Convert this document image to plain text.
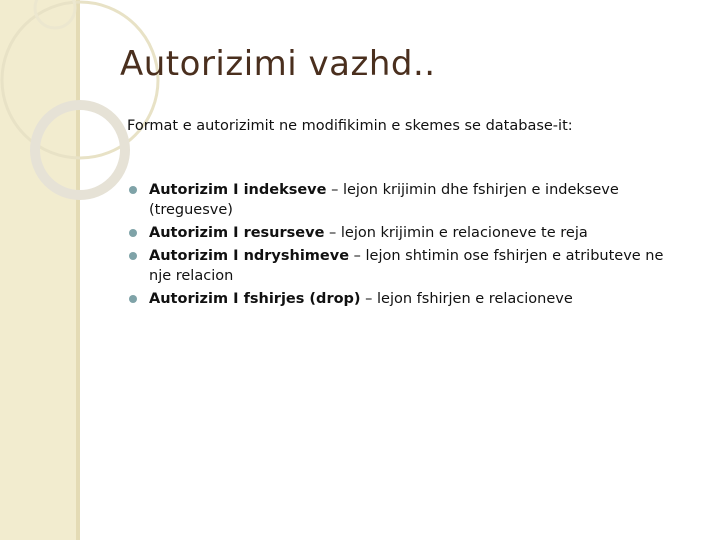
Autorizimi vazhd..
Format e autorizimit ne modifikimin e skemes se database-it:
Autorizim I indekseve – lejon krijimin dhe fshirjen e indekseve (treguesve)
Autorizim I resurseve – lejon krijimin e relacioneve te reja
Autorizim I ndryshimeve – lejon shtimin ose fshirjen e atributeve ne nje relacion
Autorizim I fshirjes (drop) – lejon fshirjen e relacioneve
